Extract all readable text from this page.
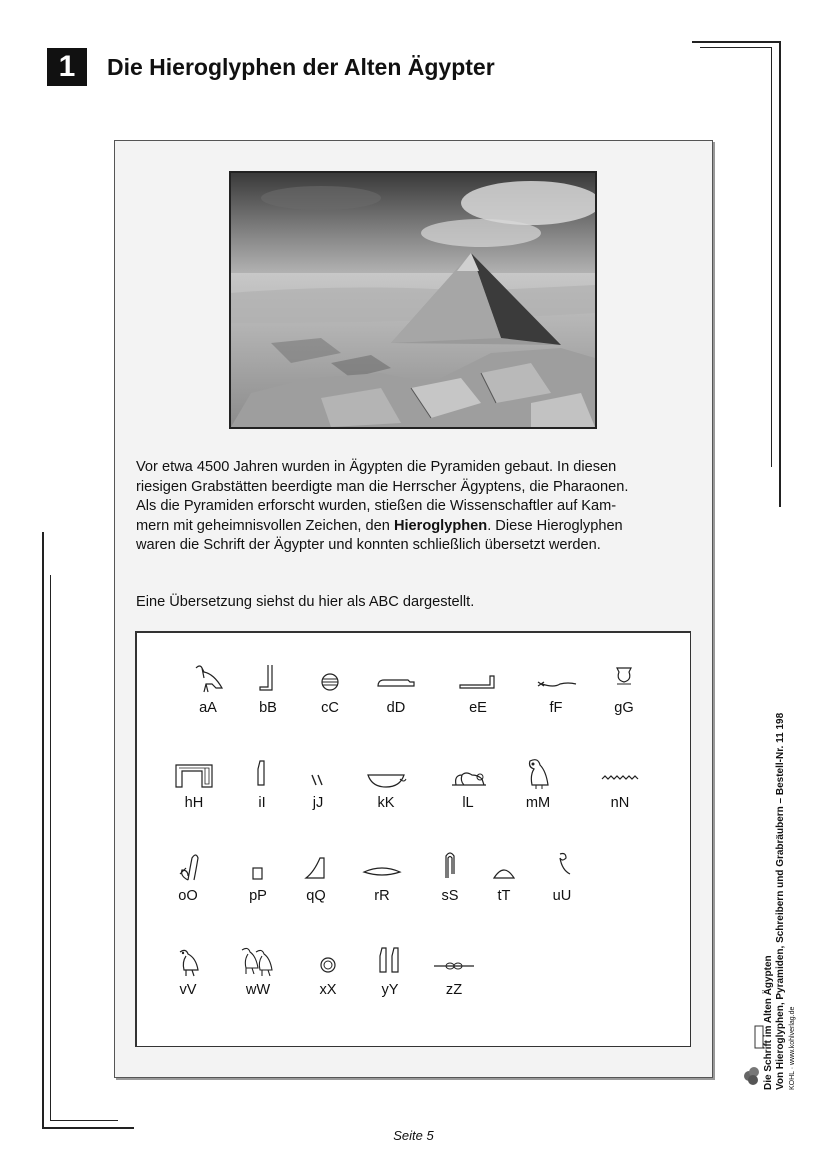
1	Die Hieroglyphen der Alten Ägypter

Vor etwa 4500 Jahren wurden in Ägypten die Pyramiden gebaut. In diesen
riesigen Grabstätten beerdigte man die Herrscher Ägyptens, die Pharaonen.
Als die Pyramiden erforscht wurden, stießen die Wissenschaftler auf Kam-
mern mit geheimnisvollen Zeichen, den Hieroglyphen. Diese Hieroglyphen
waren die Schrift der Ägypter und konnten schließlich übersetzt werden.

Eine Übersetzung siehst du hier als ABC dargestellt.

aA	bB	cC	dD	eE	fF	gG
hH	iI	jJ	kK	lL	mM	nN
oO	pP	qQ	rR	sS	tT	uU
vV	wW	xX	yY	zZ	Die Schrift im Alten Ägypten Von Hieroglyphen, Pyramiden, Schreibern und Grabräubern – Bestell-Nr. 11 198 KOHL · www.kohlverlag.de
Seite 5
